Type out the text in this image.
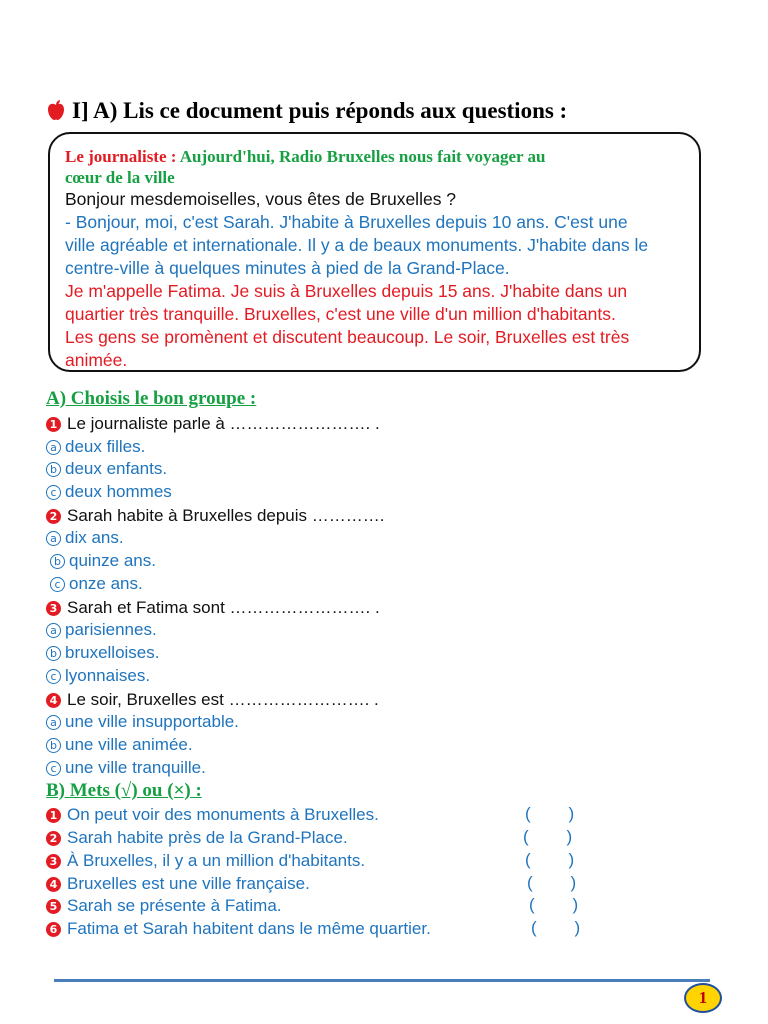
I] A) Lis ce document puis réponds aux questions :
Le journaliste : Aujourd'hui, Radio Bruxelles nous fait voyager au
cœur de la ville

Bonjour mesdemoiselles, vous êtes de Bruxelles ?

- Bonjour, moi, c'est Sarah. J'habite à Bruxelles depuis 10 ans. C'est une

ville agréable et internationale. Il y a de beaux monuments. J'habite dans le

centre-ville à quelques minutes à pied de la Grand-Place.

Je m'appelle Fatima. Je suis à Bruxelles depuis 15 ans. J'habite dans un

quartier très tranquille. Bruxelles, c'est une ville d'un million d'habitants.

Les gens se promènent et discutent beaucoup. Le soir, Bruxelles est très

animée.

A) Choisis le bon groupe :
1 Le journaliste parle à ……………………. .
a deux filles.
b deux enfants.
c deux hommes
2 Sarah habite à Bruxelles depuis ………….
a dix ans.
b quinze ans.
c onze ans.
3 Sarah et Fatima sont ……………………. .
a parisiennes.
b bruxelloises.
c lyonnaises.
4 Le soir, Bruxelles est ……………………. .
a une ville insupportable.
b une ville animée.
c une ville tranquille.
B) Mets (√) ou (×) :
1 On peut voir des monuments à Bruxelles.	(        )
2 Sarah habite près de la Grand-Place.	(        )
3 À Bruxelles, il y a un million d'habitants.	(        )
4 Bruxelles est une ville française.	(        )
5 Sarah se présente à Fatima.	(        )
6 Fatima et Sarah habitent dans le même quartier.	(        )
1
